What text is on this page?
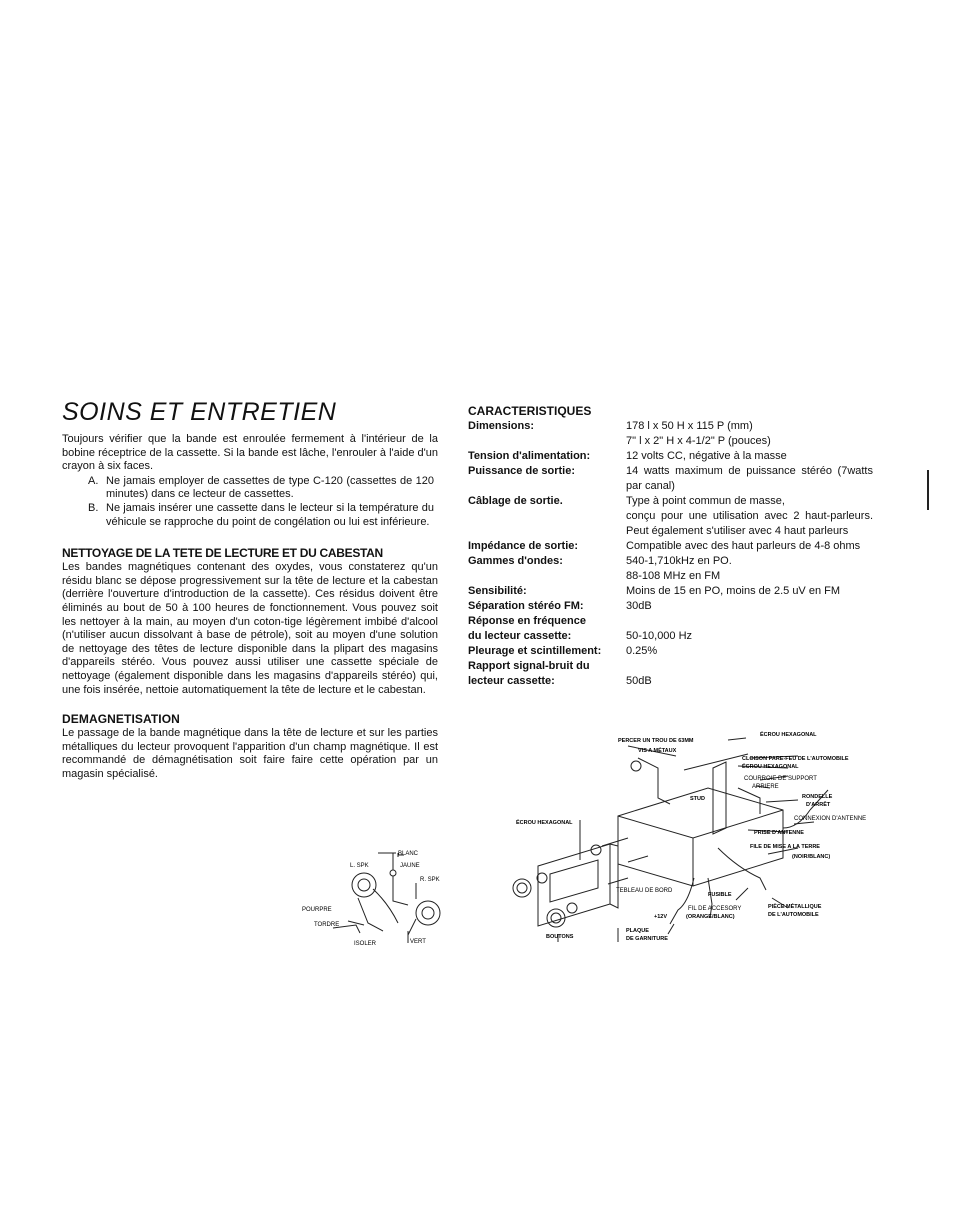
SOINS ET ENTRETIEN

Toujours vérifier que la bande est enroulée fermement à l'intérieur de la bobine réceptrice de la cassette. Si la bande est lâche, l'enrouler à l'aide d'un crayon à six faces.

A. Ne jamais employer de cassettes de type C-120 (cassettes de 120 minutes) dans ce lecteur de cassettes.
B. Ne jamais insérer une cassette dans le lecteur si la température du véhicule se rapproche du point de congélation ou lui est inférieure.
NETTOYAGE DE LA TETE DE LECTURE ET DU CABESTAN

Les bandes magnétiques contenant des oxydes, vous constaterez qu'un résidu blanc se dépose progressivement sur la tête de lecture et la cabestan (derrière l'ouverture d'introduction de la cassette). Ces résidus doivent être éliminés au bout de 50 à 100 heures de fonctionnement. Vous pouvez soit les nettoyer à la main, au moyen d'un coton-tige légèrement imbibé d'alcool (n'utiliser aucun dissolvant à base de pétrole), soit au moyen d'une solution de nettoyage des têtes de lecture disponible dans la plipart des magasins d'appareils stéréo. Vous pouvez aussi utiliser une cassette spéciale de nettoyage (également disponible dans les magasins d'appareils stéréo) qui, une fois insérée, nettoie automatiquement la tête de lecture et le cabestan.

DEMAGNETISATION

Le passage de la bande magnétique dans la tête de lecture et sur les parties métalliques du lecteur provoquent l'apparition d'un champ magnétique. Il est recommandé de démagnétisation soit faire faire cette opération par un magasin spécialisé.

BLANC
L. SPK	JAUNE
R. SPK
POURPRE
TORDRE
ISOLER	VERT
CARACTERISTIQUES
Dimensions:	178 l x 50 H x 115 P (mm)
7" l x 2" H x 4-1/2" P (pouces)
Tension d'alimentation:	12 volts CC, négative à la masse
Puissance de sortie:	14 watts maximum de puissance stéréo (7watts par canal)
Câblage de sortie.	Type à point commun de masse,
conçu pour une utilisation avec 2 haut-parleurs. Peut également s'utiliser avec 4 haut parleurs
Impédance de sortie:	Compatible avec des haut parleurs de 4-8 ohms
Gammes d'ondes:	540-1,710kHz en PO.
88-108 MHz en FM
Sensibilité:	Moins de 15 en PO, moins de 2.5 uV en FM
Séparation stéréo FM:	30dB
Réponse en fréquence
du lecteur cassette:	50-10,000 Hz
Pleurage et scintillement:	0.25%
Rapport signal-bruit du
lecteur cassette:	50dB
PERCER UN TROU DE 63MM
VIS A MÉTAUX
ÉCROU HEXAGONAL
CLOISON PARE-FEU DE L'AUTOMOBILE
ÉCROU HEXAGONAL
COURROIE DE SUPPORT
ARRIERE
STUD	RONDELLE
D'ARRÊT
CONNEXION D'ANTENNE
ÉCROU HEXAGONAL
PRISE D'ANTENNE
FILE DE MISE A LA TERRE
(NOIR/BLANC)
TEBLEAU DE BORD
FUSIBLE
+12V
FIL DE ACCESORY
(ORANGE/BLANC)
PIÈCE MÉTALLIQUE
DE L'AUTOMOBILE
BOUTONS
PLAQUE
DE GARNITURE
